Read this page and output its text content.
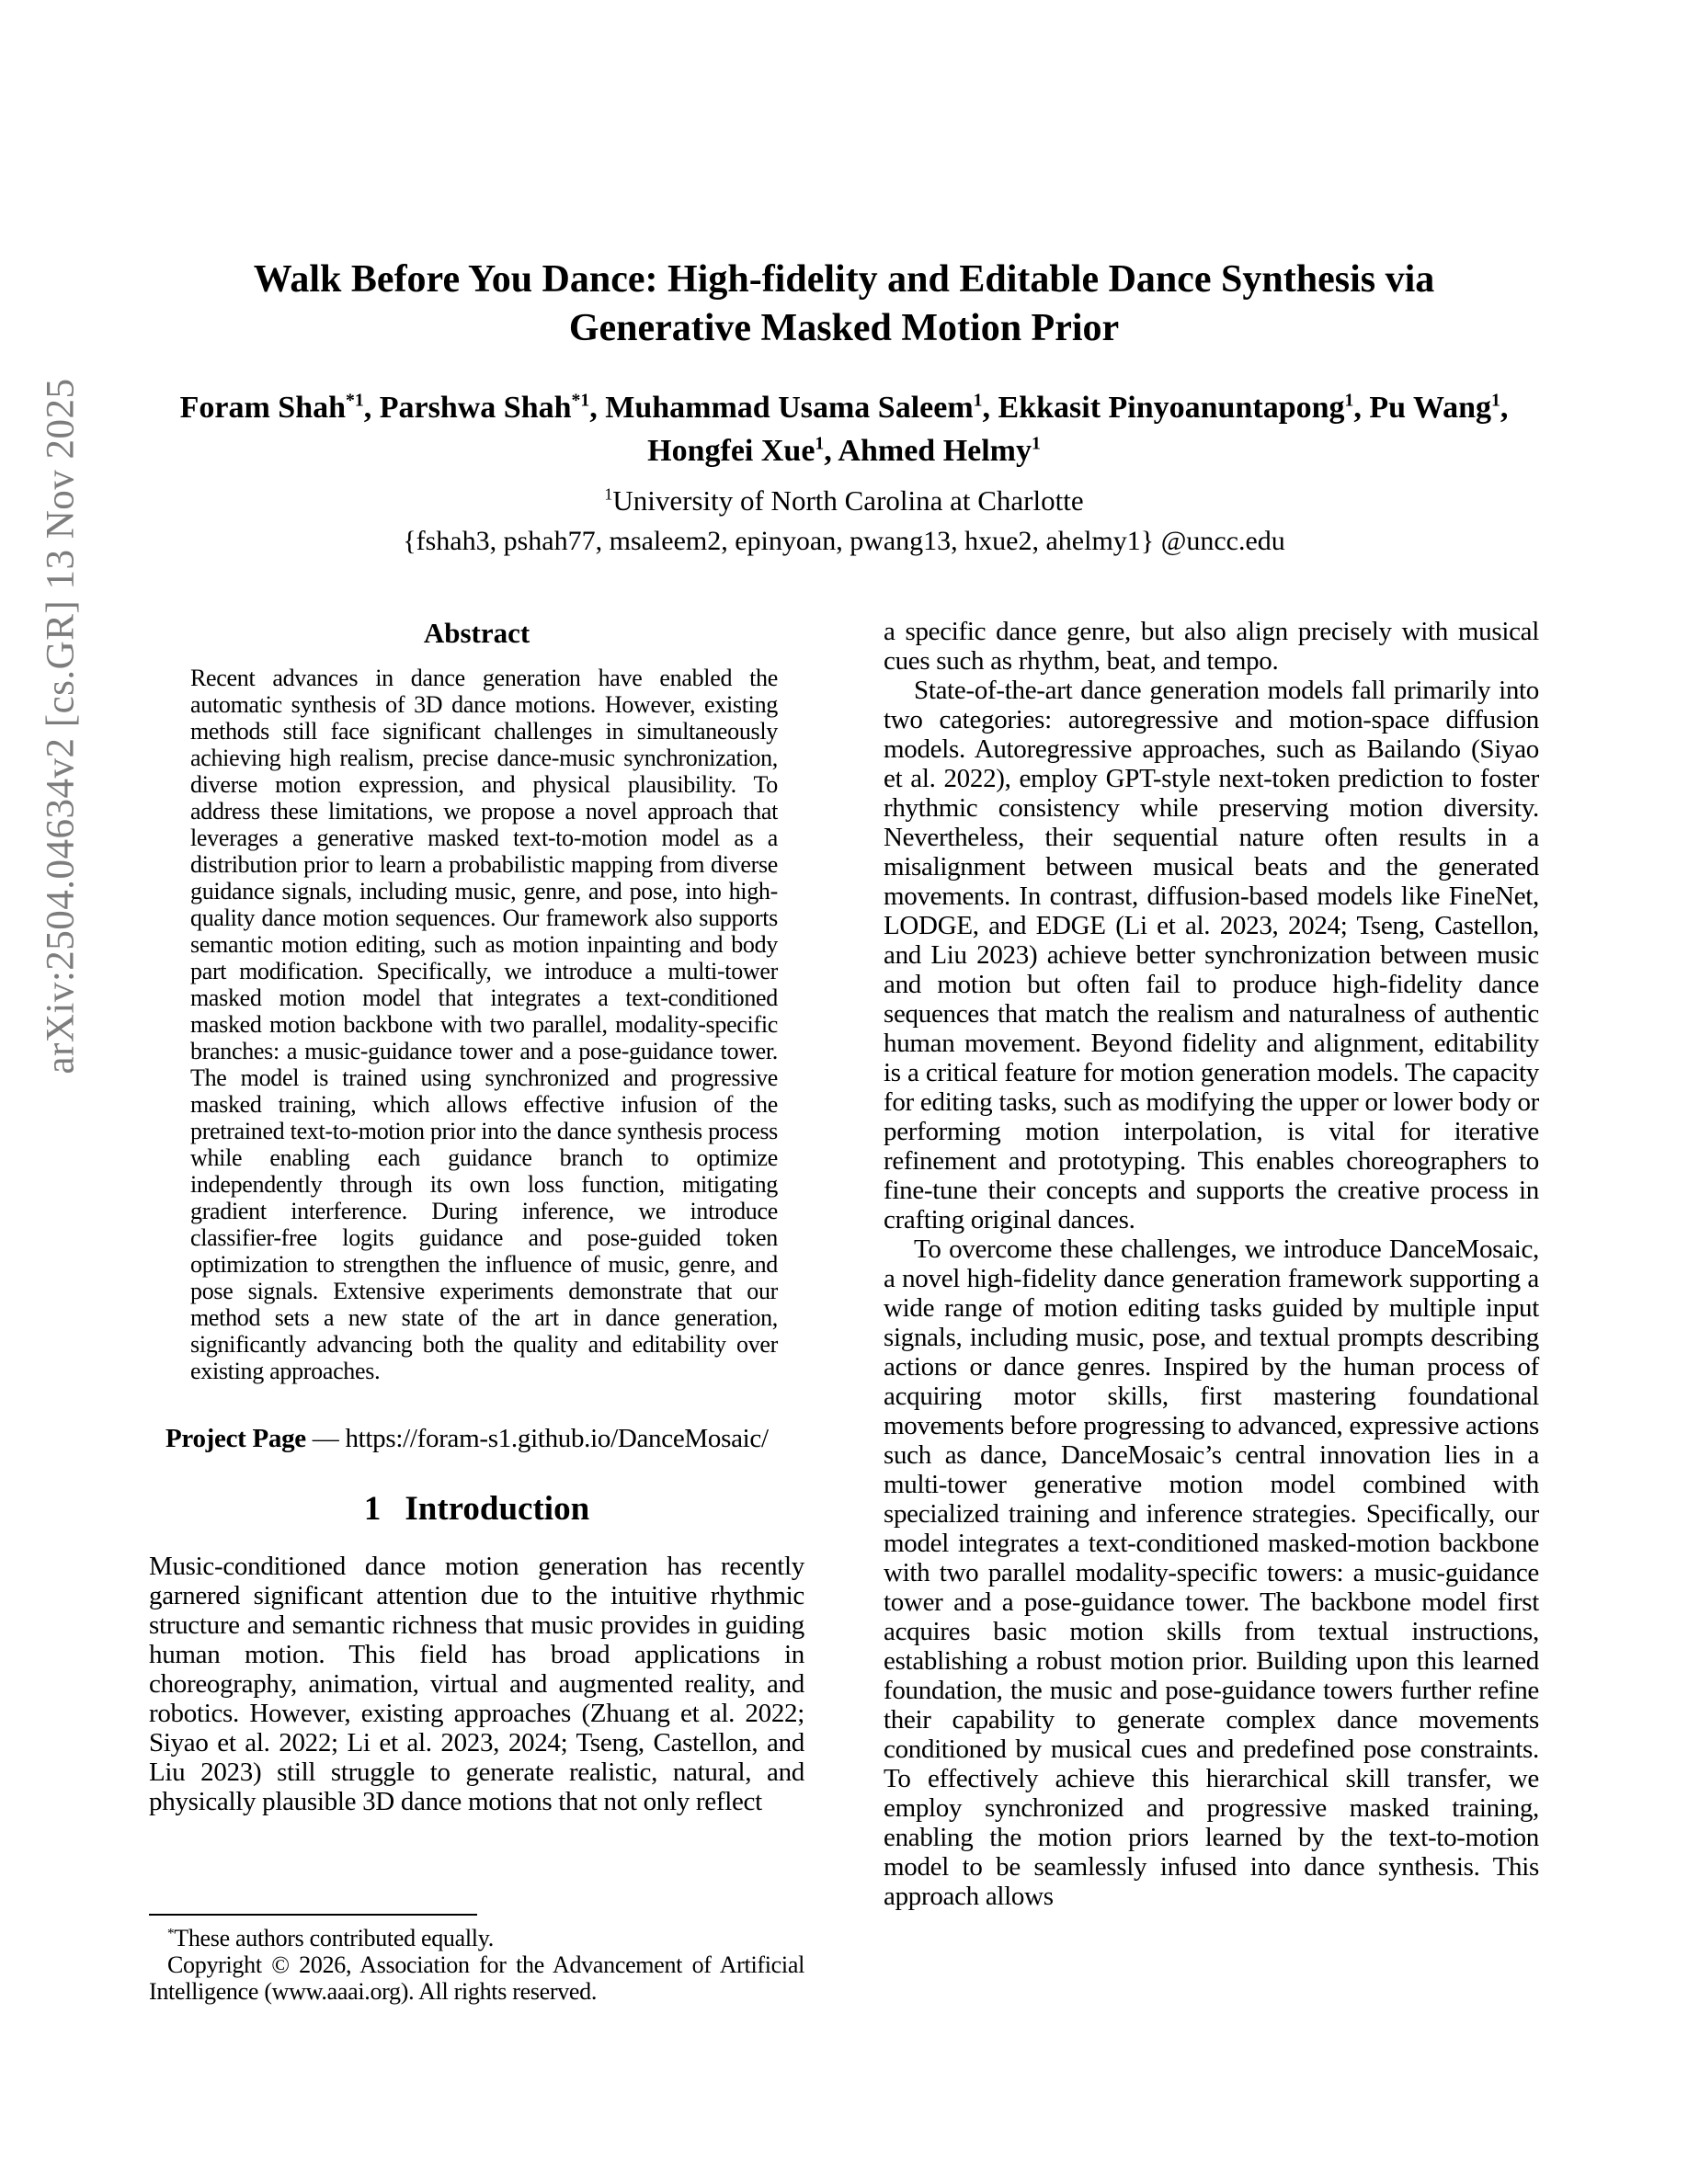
arXiv:2504.04634v2 [cs.GR] 13 Nov 2025
Walk Before You Dance: High-fidelity and Editable Dance Synthesis via
Generative Masked Motion Prior
Foram Shah$^{*1}$, Parshwa Shah$^{*1}$, Muhammad Usama Saleem$^1$, Ekkasit Pinyoanuntapong$^1$, Pu Wang$^1$, Hongfei Xue$^1$, Ahmed Helmy$^1$
$^1$University of North Carolina at Charlotte
{fshah3, pshah77, msaleem2, epinyoan, pwang13, hxue2, ahelmy1} @uncc.edu
Abstract

Recent advances in dance generation have enabled the automatic synthesis of 3D dance motions. However, existing methods still face significant challenges in simultaneously achieving high realism, precise dance-music synchronization, diverse motion expression, and physical plausibility. To address these limitations, we propose a novel approach that leverages a generative masked text-to-motion model as a distribution prior to learn a probabilistic mapping from diverse guidance signals, including music, genre, and pose, into high-quality dance motion sequences. Our framework also supports semantic motion editing, such as motion inpainting and body part modification. Specifically, we introduce a multi-tower masked motion model that integrates a text-conditioned masked motion backbone with two parallel, modality-specific branches: a music-guidance tower and a pose-guidance tower. The model is trained using synchronized and progressive masked training, which allows effective infusion of the pretrained text-to-motion prior into the dance synthesis process while enabling each guidance branch to optimize independently through its own loss function, mitigating gradient interference. During inference, we introduce classifier-free logits guidance and pose-guided token optimization to strengthen the influence of music, genre, and pose signals. Extensive experiments demonstrate that our method sets a new state of the art in dance generation, significantly advancing both the quality and editability over existing approaches.

Project Page — https://foram-s1.github.io/DanceMosaic/

1 Introduction

Music-conditioned dance motion generation has recently garnered significant attention due to the intuitive rhythmic structure and semantic richness that music provides in guiding human motion. This field has broad applications in choreography, animation, virtual and augmented reality, and robotics. However, existing approaches (Zhuang et al. 2022; Siyao et al. 2022; Li et al. 2023, 2024; Tseng, Castellon, and Liu 2023) still struggle to generate realistic, natural, and physically plausible 3D dance motions that not only reflect

*These authors contributed equally.

Copyright © 2026, Association for the Advancement of Artificial Intelligence (www.aaai.org). All rights reserved.

a specific dance genre, but also align precisely with musical cues such as rhythm, beat, and tempo.

State-of-the-art dance generation models fall primarily into two categories: autoregressive and motion-space diffusion models. Autoregressive approaches, such as Bailando (Siyao et al. 2022), employ GPT-style next-token prediction to foster rhythmic consistency while preserving motion diversity. Nevertheless, their sequential nature often results in a misalignment between musical beats and the generated movements. In contrast, diffusion-based models like FineNet, LODGE, and EDGE (Li et al. 2023, 2024; Tseng, Castellon, and Liu 2023) achieve better synchronization between music and motion but often fail to produce high-fidelity dance sequences that match the realism and naturalness of authentic human movement. Beyond fidelity and alignment, editability is a critical feature for motion generation models. The capacity for editing tasks, such as modifying the upper or lower body or performing motion interpolation, is vital for iterative refinement and prototyping. This enables choreographers to fine-tune their concepts and supports the creative process in crafting original dances.

To overcome these challenges, we introduce DanceMosaic, a novel high-fidelity dance generation framework supporting a wide range of motion editing tasks guided by multiple input signals, including music, pose, and textual prompts describing actions or dance genres. Inspired by the human process of acquiring motor skills, first mastering foundational movements before progressing to advanced, expressive actions such as dance, DanceMosaic’s central innovation lies in a multi-tower generative motion model combined with specialized training and inference strategies. Specifically, our model integrates a text-conditioned masked-motion backbone with two parallel modality-specific towers: a music-guidance tower and a pose-guidance tower. The backbone model first acquires basic motion skills from textual instructions, establishing a robust motion prior. Building upon this learned foundation, the music and pose-guidance towers further refine their capability to generate complex dance movements conditioned by musical cues and predefined pose constraints. To effectively achieve this hierarchical skill transfer, we employ synchronized and progressive masked training, enabling the motion priors learned by the text-to-motion model to be seamlessly infused into dance synthesis. This approach allows
